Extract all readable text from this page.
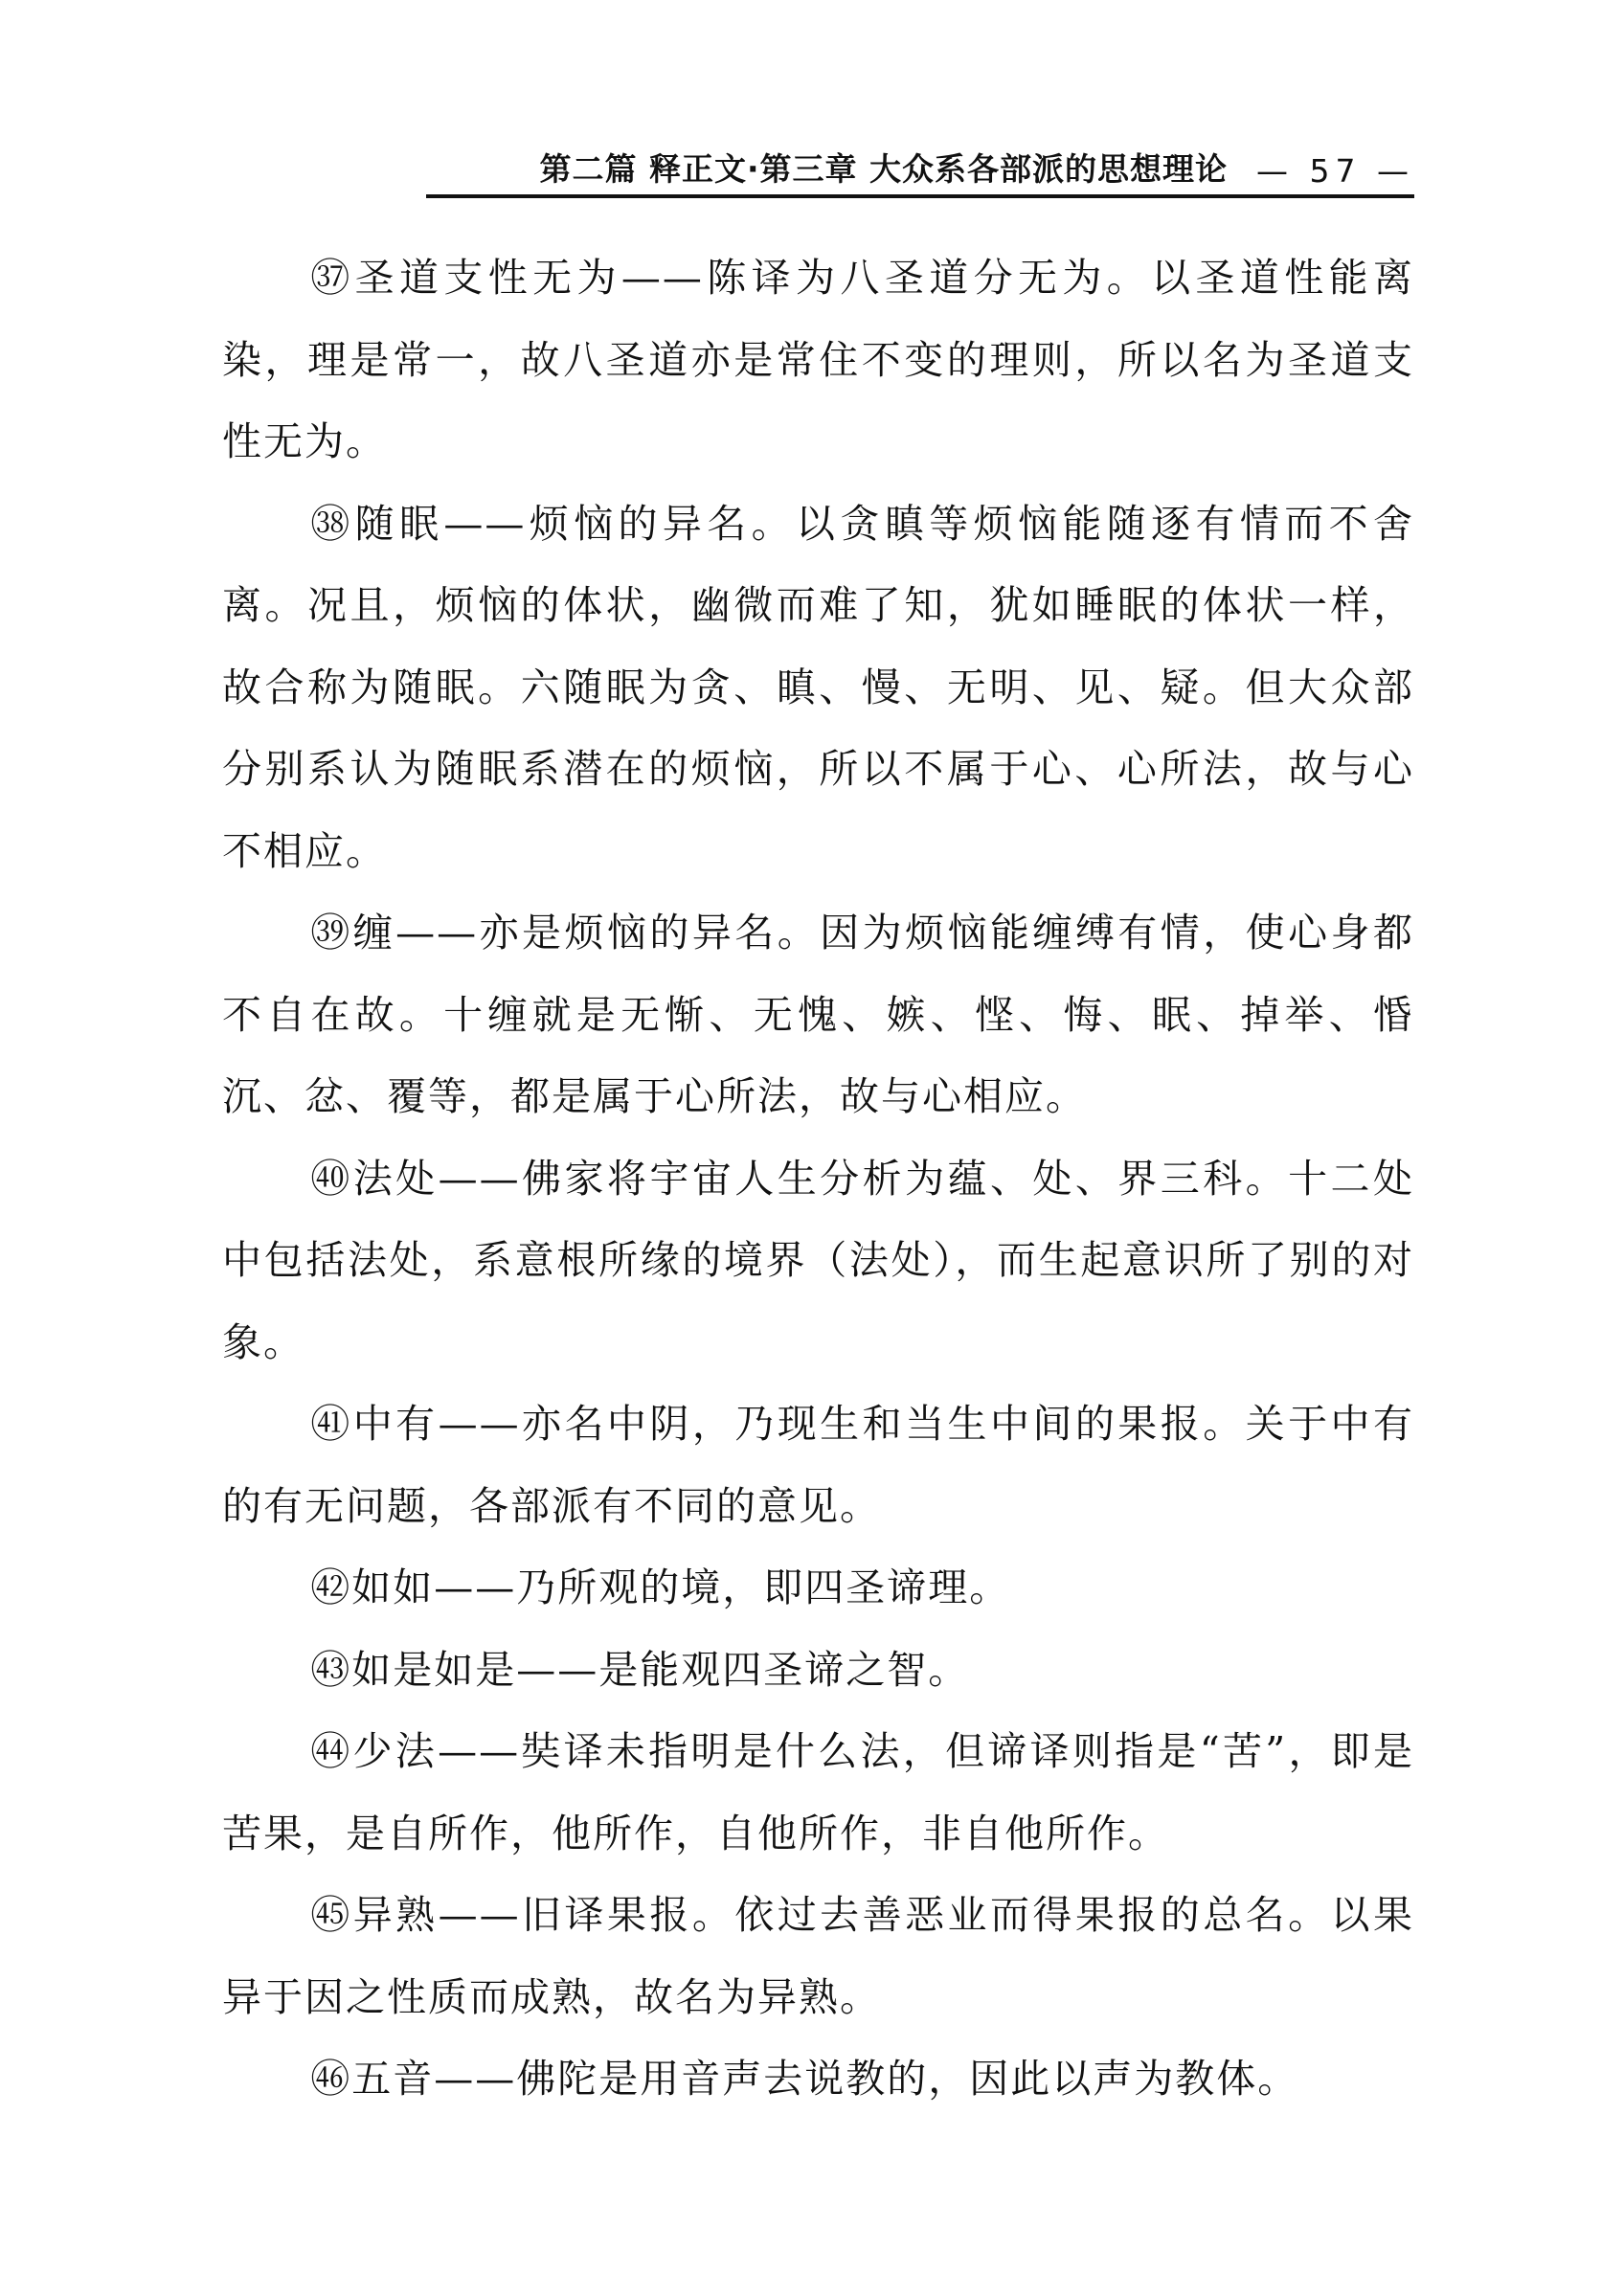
第二篇 释正文·第三章 大众系各部派的思想理论 — 57 —

㊲圣道支性无为——陈译为八圣道分无为。以圣道性能离染，理是常一，故八圣道亦是常住不变的理则，所以名为圣道支性无为。

㊳随眠——烦恼的异名。以贪瞋等烦恼能随逐有情而不舍离。况且，烦恼的体状，幽微而难了知，犹如睡眠的体状一样，故合称为随眠。六随眠为贪、瞋、慢、无明、见、疑。但大众部分别系认为随眠系潜在的烦恼，所以不属于心、心所法，故与心不相应。

㊴缠——亦是烦恼的异名。因为烦恼能缠缚有情，使心身都不自在故。十缠就是无惭、无愧、嫉、悭、悔、眠、掉举、惛沉、忿、覆等，都是属于心所法，故与心相应。

㊵法处——佛家将宇宙人生分析为蕴、处、界三科。十二处中包括法处，系意根所缘的境界（法处），而生起意识所了别的对象。

㊶中有——亦名中阴，乃现生和当生中间的果报。关于中有的有无问题，各部派有不同的意见。

㊷如如——乃所观的境，即四圣谛理。

㊸如是如是——是能观四圣谛之智。

㊹少法——奘译未指明是什么法，但谛译则指是“苦”，即是苦果，是自所作，他所作，自他所作，非自他所作。

㊺异熟——旧译果报。依过去善恶业而得果报的总名。以果异于因之性质而成熟，故名为异熟。

㊻五音——佛陀是用音声去说教的，因此以声为教体。
